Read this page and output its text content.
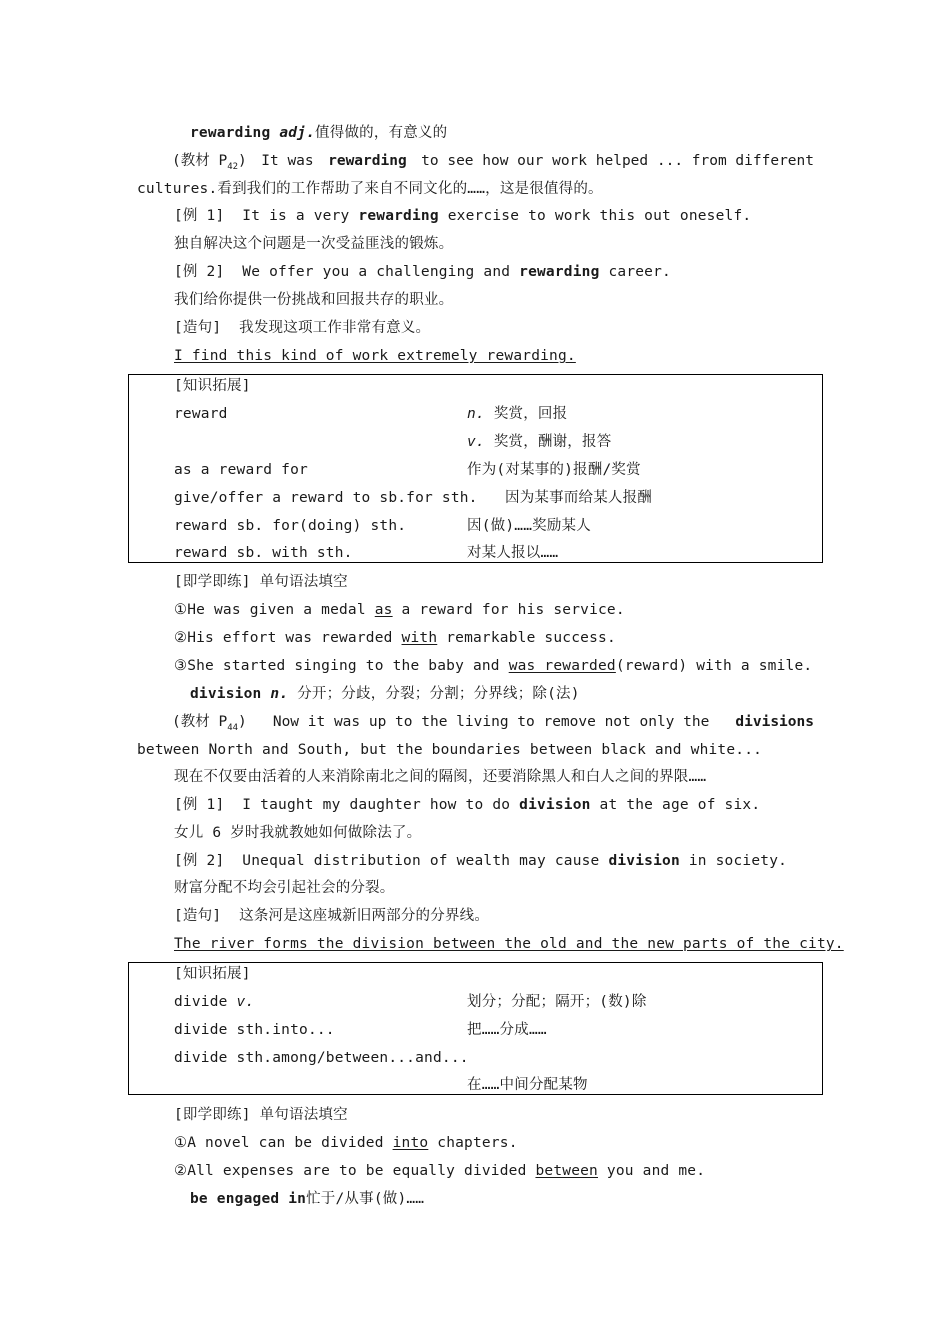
rewarding adj.值得做的，有意义的
(教材 $P_{42}$) It was rewarding to see how our work helped ... from different
cultures.看到我们的工作帮助了来自不同文化的……，这是很值得的。
[例 1] It is a very rewarding exercise to work this out oneself.
独自解决这个问题是一次受益匪浅的锻炼。
[例 2] We offer you a challenging and rewarding career.
我们给你提供一份挑战和回报共存的职业。
[造句] 我发现这项工作非常有意义。
I find this kind of work extremely rewarding.
[知识拓展]
reward	n. 奖赏，回报
v. 奖赏，酬谢，报答
as a reward for	作为(对某事的)报酬/奖赏
give/offer a reward to sb.for sth. 因为某事而给某人报酬
reward sb. for(doing) sth.	因(做)……奖励某人
reward sb. with sth.	对某人报以……
[即学即练] 单句语法填空
①He was given a medal as a reward for his service.
②His effort was rewarded with remarkable success.
③She started singing to the baby and was rewarded(reward) with a smile.
division n. 分开；分歧，分裂；分割；分界线；除(法)
(教材 $P_{44}$) Now it was up to the living to remove not only the divisions
between North and South, but the boundaries between black and white...
现在不仅要由活着的人来消除南北之间的隔阂，还要消除黑人和白人之间的界限……
[例 1] I taught my daughter how to do division at the age of six.
女儿 6 岁时我就教她如何做除法了。
[例 2] Unequal distribution of wealth may cause division in society.
财富分配不均会引起社会的分裂。
[造句] 这条河是这座城新旧两部分的分界线。
The river forms the division between the old and the new parts of the city.
[知识拓展]
divide v.	划分；分配；隔开；(数)除
divide sth.into...	把……分成……
divide sth.among/between...and...
在……中间分配某物
[即学即练] 单句语法填空
①A novel can be divided into chapters.
②All expenses are to be equally divided between you and me.
be engaged in忙于/从事(做)……
